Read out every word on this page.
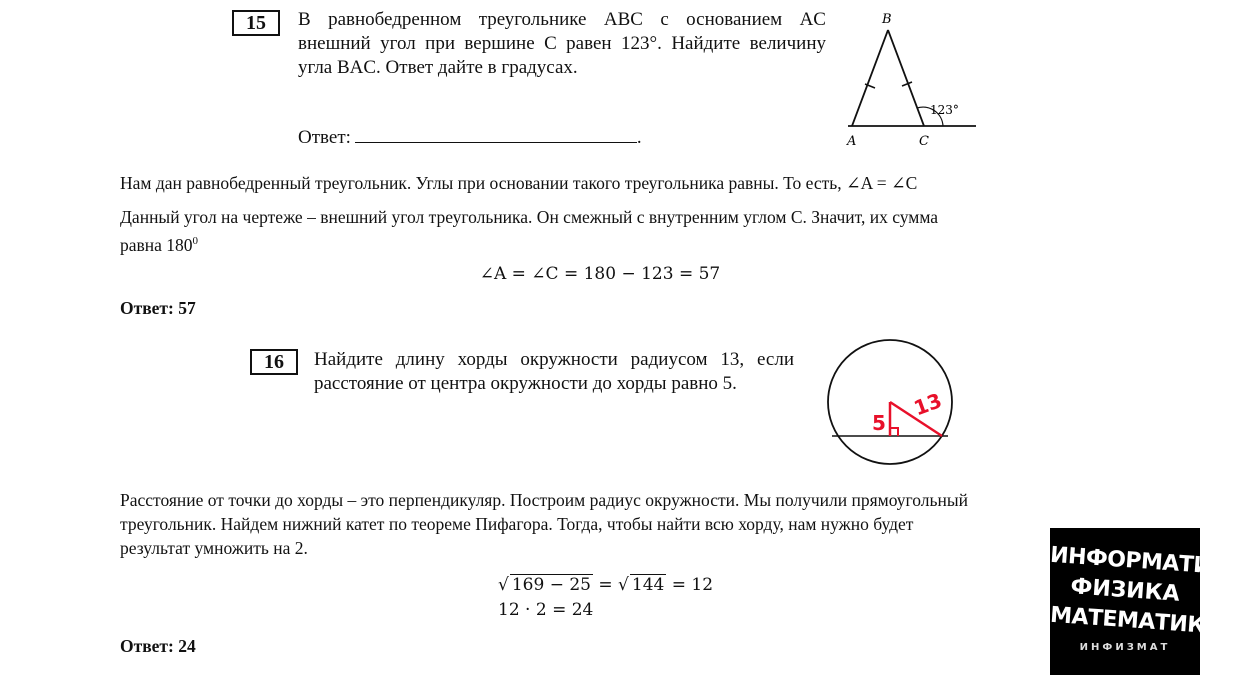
15 В равнобедренном треугольнике ABC с основанием AC внешний угол при вершине C равен 123°. Найдите величину угла BAC. Ответ дайте в градусах.
Ответ:	.
B
A	C
123°
Нам дан равнобедренный треугольник. Углы при основании такого треугольника равны. То есть, ∠A = ∠C
Данный угол на чертеже – внешний угол треугольника. Он смежный с внутренним углом C. Значит, их сумма
равна $180^0$
∠A = ∠C = 180 − 123 = 57
Ответ: 57
16 Найдите длину хорды окружности радиусом 13, если расстояние от центра окружности до хорды равно 5.
5
13
Расстояние от точки до хорды – это перпендикуляр. Построим радиус окружности. Мы получили прямоугольный
треугольник. Найдем нижний катет по теореме Пифагора. Тогда, чтобы найти всю хорду, нам нужно будет
результат умножить на 2.
√ 169 − 25 = √ 144 = 12
12 · 2 = 24
Ответ: 24
ИНФОРМАТИКА
ФИЗИКА
МАТЕМАТИКА
ИНФИЗМАТ
